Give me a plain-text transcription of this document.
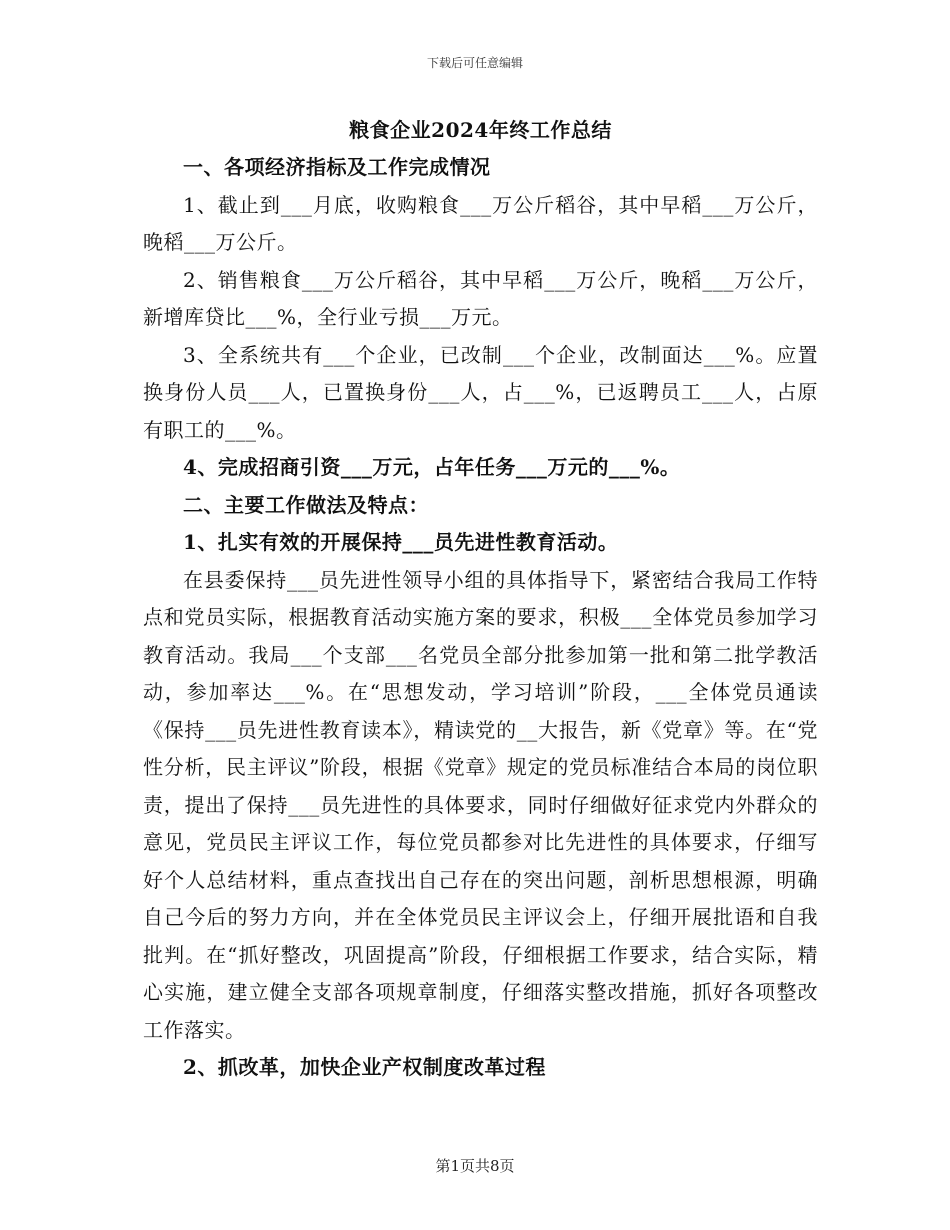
下载后可任意编辑

粮食企业2024年终工作总结

一、各项经济指标及工作完成情况

1、截止到___月底，收购粮食___万公斤稻谷，其中早稻___万公斤，晚稻___万公斤。

2、销售粮食___万公斤稻谷，其中早稻___万公斤，晚稻___万公斤，新增库贷比___%，全行业亏损___万元。

3、全系统共有___个企业，已改制___个企业，改制面达___%。应置换身份人员___人，已置换身份___人，占___%，已返聘员工___人，占原有职工的___%。

4、完成招商引资___万元，占年任务___万元的___%。

二、主要工作做法及特点：

1、扎实有效的开展保持___员先进性教育活动。

在县委保持___员先进性领导小组的具体指导下，紧密结合我局工作特点和党员实际，根据教育活动实施方案的要求，积极___全体党员参加学习教育活动。我局___个支部___名党员全部分批参加第一批和第二批学教活动，参加率达___%。在“思想发动，学习培训”阶段，___全体党员通读《保持___员先进性教育读本》，精读党的__大报告，新《党章》等。在“党性分析，民主评议”阶段，根据《党章》规定的党员标准结合本局的岗位职责，提出了保持___员先进性的具体要求，同时仔细做好征求党内外群众的意见，党员民主评议工作，每位党员都参对比先进性的具体要求，仔细写好个人总结材料，重点查找出自己存在的突出问题，剖析思想根源，明确自己今后的努力方向，并在全体党员民主评议会上，仔细开展批语和自我批判。在“抓好整改，巩固提高”阶段，仔细根据工作要求，结合实际，精心实施，建立健全支部各项规章制度，仔细落实整改措施，抓好各项整改工作落实。

2、抓改革，加快企业产权制度改革过程

第1页共8页
